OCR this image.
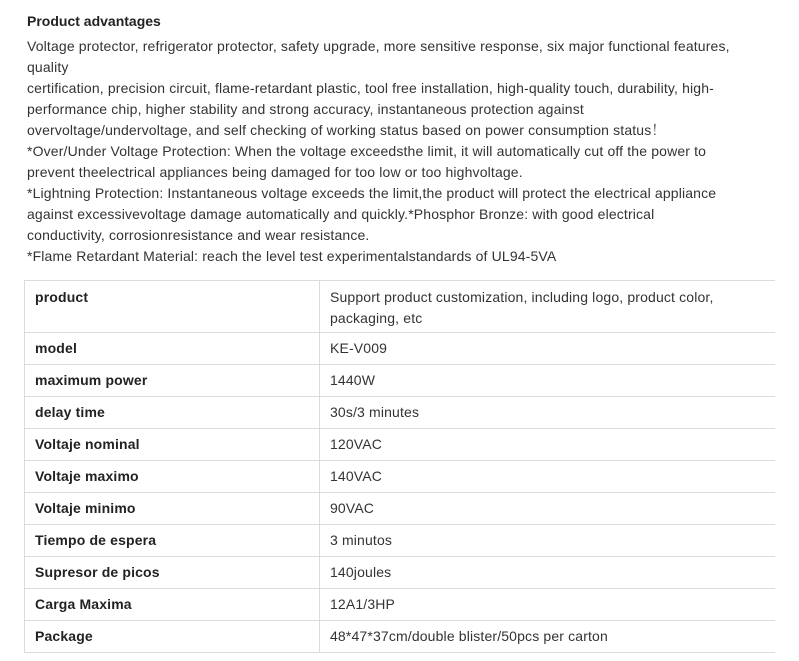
Product advantages
Voltage protector, refrigerator protector, safety upgrade, more sensitive response, six major functional features,
quality
certification, precision circuit, flame-retardant plastic, tool free installation, high-quality touch, durability, high-
performance chip, higher stability and strong accuracy, instantaneous protection against
overvoltage/undervoltage, and self checking of working status based on power consumption status！
*Over/Under Voltage Protection: When the voltage exceedsthe limit, it will automatically cut off the power to
prevent theelectrical appliances being damaged for too low or too highvoltage.
*Lightning Protection: Instantaneous voltage exceeds the limit,the product will protect the electrical appliance
against excessivevoltage damage automatically and quickly.*Phosphor Bronze: with good electrical
conductivity, corrosionresistance and wear resistance.
*Flame Retardant Material: reach the level test experimentalstandards of UL94-5VA
product	Support product customization, including logo, product color,
packaging, etc

model	KE-V009
maximum power	1440W
delay time	30s/3 minutes
Voltaje nominal	120VAC
Voltaje maximo	140VAC
Voltaje minimo	90VAC
Tiempo de espera	3 minutos
Supresor de picos	140joules
Carga Maxima	12A1/3HP
Package	48*47*37cm/double blister/50pcs per carton
